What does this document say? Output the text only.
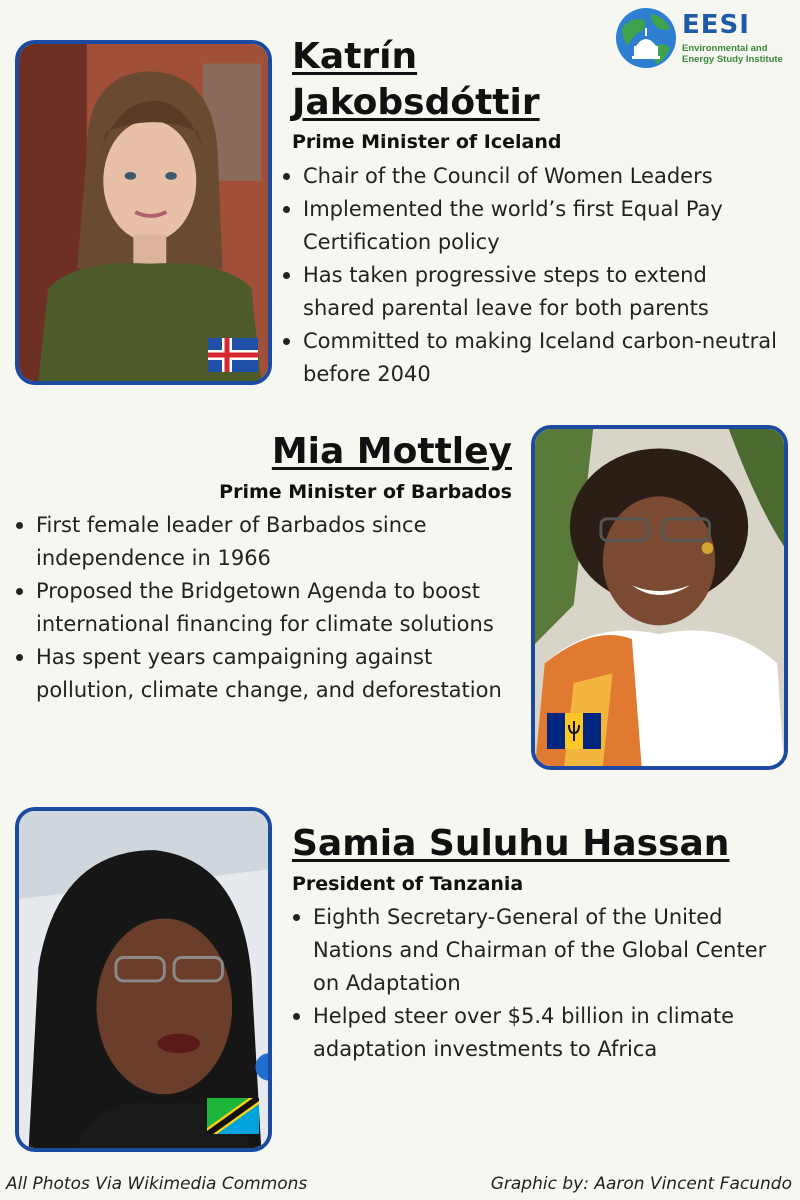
EESI
Environmental and Energy Study Institute
Katrín Jakobsdóttir
Prime Minister of Iceland
Chair of the Council of Women Leaders
Implemented the world’s first Equal Pay Certification policy
Has taken progressive steps to extend shared parental leave for both parents
Committed to making Iceland carbon-neutral before 2040
Mia Mottley
Prime Minister of Barbados
First female leader of Barbados since independence in 1966
Proposed the Bridgetown Agenda to boost international financing for climate solutions
Has spent years campaigning against pollution, climate change, and deforestation
Samia Suluhu Hassan
President of Tanzania
Eighth Secretary-General of the United Nations and Chairman of the Global Center on Adaptation
Helped steer over $5.4 billion in climate adaptation investments to Africa
All Photos Via Wikimedia Commons	Graphic by: Aaron Vincent Facundo
